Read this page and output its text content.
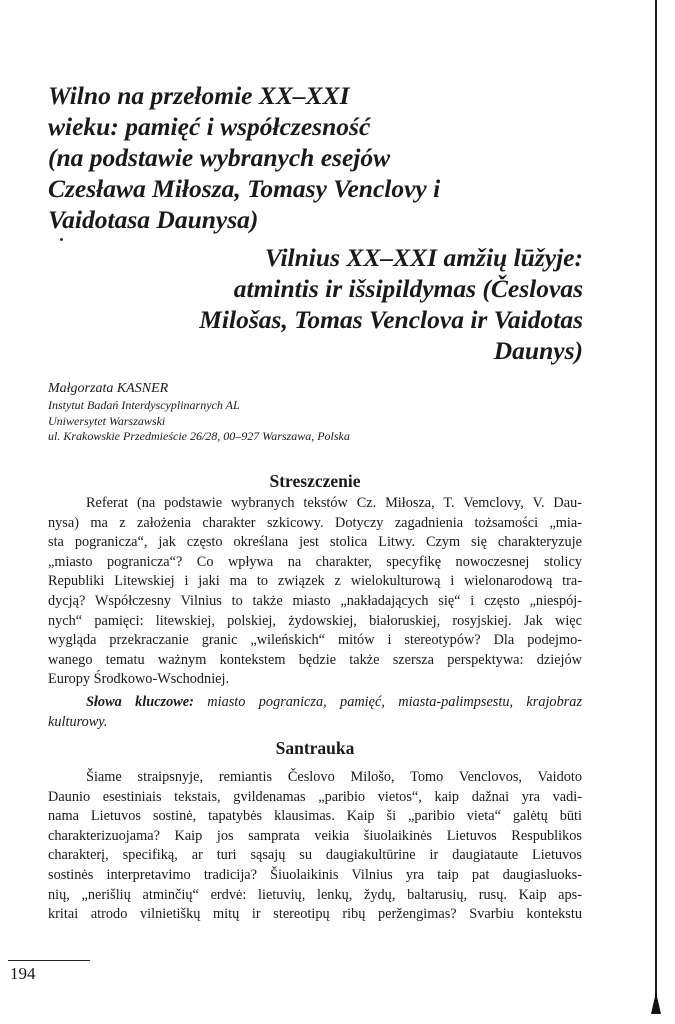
Wilno na przełomie XX–XXI
wieku: pamięć i współczesność
(na podstawie wybranych esejów
Czesława Miłosza, Tomasy Venclovy i
Vaidotasa Daunysa)
Vilnius XX–XXI amžių lūžyje:
atmintis ir išsipildymas (Česlovas
Milošas, Tomas Venclova ir Vaidotas
Daunys)
Małgorzata KASNER
Instytut Badań Interdyscyplinarnych AL
Uniwersytet Warszawski
ul. Krakowskie Przedmieście 26/28, 00–927 Warszawa, Polska
Streszczenie
Referat (na podstawie wybranych tekstów Cz. Miłosza, T. Vemclovy, V. Dau-
nysa) ma z założenia charakter szkicowy. Dotyczy zagadnienia tożsamości „mia-
sta pogranicza“, jak często określana jest stolica Litwy. Czym się charakteryzuje
„miasto pogranicza“? Co wpływa na charakter, specyfikę nowoczesnej stolicy
Republiki Litewskiej i jaki ma to związek z wielokulturową i wielonarodową tra-
dycją? Współczesny Vilnius to także miasto „nakładających się“ i często „niespój-
nych“ pamięci: litewskiej, polskiej, żydowskiej, białoruskiej, rosyjskiej. Jak więc
wygląda przekraczanie granic „wileńskich“ mitów i stereotypów? Dla podejmo-
wanego tematu ważnym kontekstem będzie także szersza perspektywa: dziejów
Europy Środkowo-Wschodniej.
Słowa kluczowe: miasto pogranicza, pamięć, miasta-palimpsestu, krajobraz
kulturowy.
Santrauka
Šiame straipsnyje, remiantis Česlovo Milošo, Tomo Venclovos, Vaidoto
Daunio esestiniais tekstais, gvildenamas „paribio vietos“, kaip dažnai yra vadi-
nama Lietuvos sostinė, tapatybės klausimas. Kaip ši „paribio vieta“ galėtų būti
charakterizuojama? Kaip jos samprata veikia šiuolaikinės Lietuvos Respublikos
charakterį, specifiką, ar turi sąsajų su daugiakultūrine ir daugiataute Lietuvos
sostinės interpretavimo tradicija? Šiuolaikinis Vilnius yra taip pat daugiasluoks-
nių, „nerišlių atminčių“ erdvė: lietuvių, lenkų, žydų, baltarusių, rusų. Kaip aps-
kritai atrodo vilnietiškų mitų ir stereotipų ribų peržengimas? Svarbiu kontekstu
194
